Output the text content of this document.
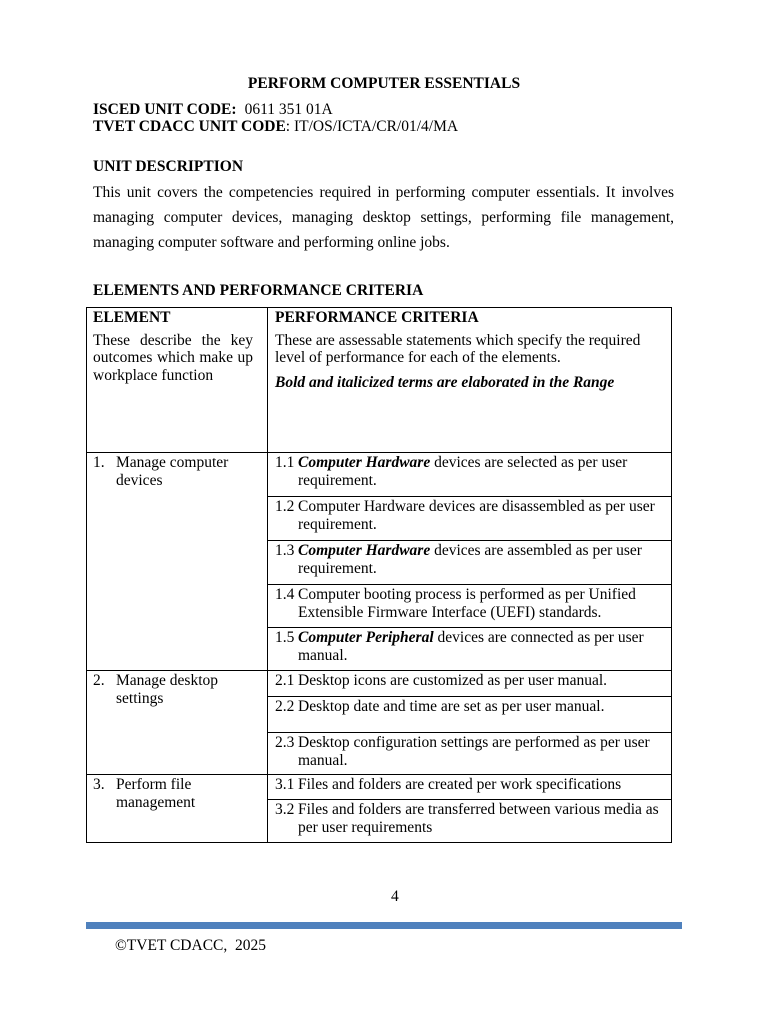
PERFORM COMPUTER ESSENTIALS
ISCED UNIT CODE: 0611 351 01A
TVET CDACC UNIT CODE: IT/OS/ICTA/CR/01/4/MA
UNIT DESCRIPTION
This unit covers the competencies required in performing computer essentials. It involves managing computer devices, managing desktop settings, performing file management, managing computer software and performing online jobs.
ELEMENTS AND PERFORMANCE CRITERIA
ELEMENT
These describe the key outcomes which make up workplace function
PERFORMANCE CRITERIA
These are assessable statements which specify the required level of performance for each of the elements.
Bold and italicized terms are elaborated in the Range
1. Manage computer devices
1.1 Computer Hardware devices are selected as per user requirement.
1.2 Computer Hardware devices are disassembled as per user requirement.
1.3 Computer Hardware devices are assembled as per user requirement.
1.4 Computer booting process is performed as per Unified Extensible Firmware Interface (UEFI) standards.
1.5 Computer Peripheral devices are connected as per user manual.
2. Manage desktop settings
2.1 Desktop icons are customized as per user manual.
2.2 Desktop date and time are set as per user manual.
2.3 Desktop configuration settings are performed as per user manual.
3. Perform file management
3.1 Files and folders are created per work specifications
3.2 Files and folders are transferred between various media as per user requirements
4
©TVET CDACC,  2025
